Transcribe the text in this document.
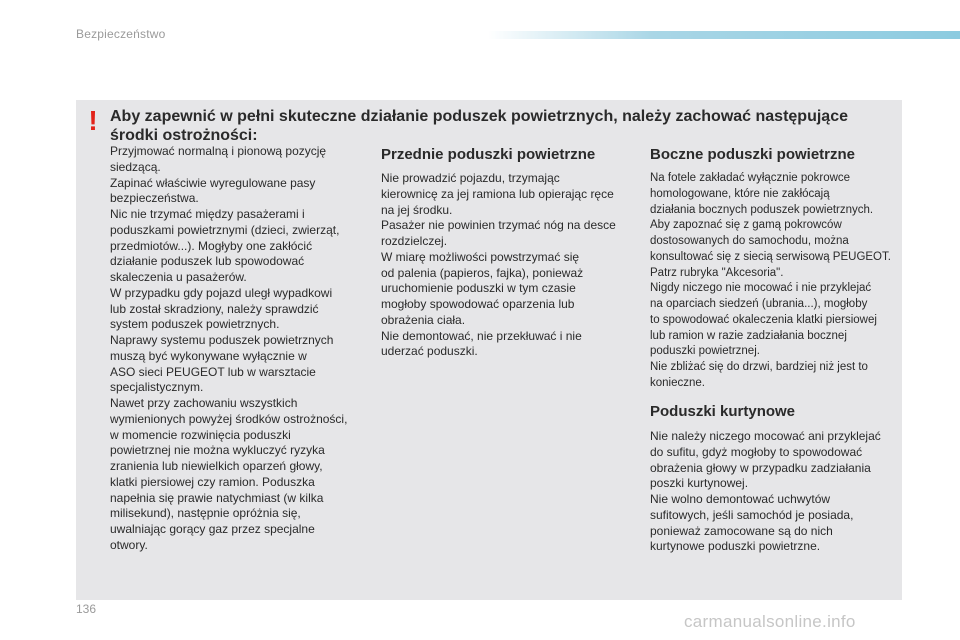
Bezpieczeństwo
! Aby zapewnić w pełni skuteczne działanie poduszek powietrznych, należy zachować następujące środki ostrożności:

Przyjmować normalną i pionową pozycję
siedzącą.
Zapinać właściwie wyregulowane pasy
bezpieczeństwa.
Nic nie trzymać między pasażerami i
poduszkami powietrznymi (dzieci, zwierząt,
przedmiotów...). Mogłyby one zakłócić
działanie poduszek lub spowodować
skaleczenia u pasażerów.
W przypadku gdy pojazd uległ wypadkowi
lub został skradziony, należy sprawdzić
system poduszek powietrznych.
Naprawy systemu poduszek powietrznych
muszą być wykonywane wyłącznie w
ASO sieci PEUGEOT lub w warsztacie
specjalistycznym.
Nawet przy zachowaniu wszystkich
wymienionych powyżej środków ostrożności,
w momencie rozwinięcia poduszki
powietrznej nie można wykluczyć ryzyka
zranienia lub niewielkich oparzeń głowy,
klatki piersiowej czy ramion. Poduszka
napełnia się prawie natychmiast (w kilka
milisekund), następnie opróżnia się,
uwalniając gorący gaz przez specjalne
otwory.

Przednie poduszki powietrzne

Nie prowadzić pojazdu, trzymając
kierownicę za jej ramiona lub opierając ręce
na jej środku.
Pasażer nie powinien trzymać nóg na desce
rozdzielczej.
W miarę możliwości powstrzymać się
od palenia (papieros, fajka), ponieważ
uruchomienie poduszki w tym czasie
mogłoby spowodować oparzenia lub
obrażenia ciała.
Nie demontować, nie przekłuwać i nie
uderzać poduszki.

Boczne poduszki powietrzne

Na fotele zakładać wyłącznie pokrowce
homologowane, które nie zakłócają
działania bocznych poduszek powietrznych.
Aby zapoznać się z gamą pokrowców
dostosowanych do samochodu, można
konsultować się z siecią serwisową PEUGEOT.
Patrz rubryka "Akcesoria".
Nigdy niczego nie mocować i nie przyklejać
na oparciach siedzeń (ubrania...), mogłoby
to spowodować okaleczenia klatki piersiowej
lub ramion w razie zadziałania bocznej
poduszki powietrznej.
Nie zbliżać się do drzwi, bardziej niż jest to
konieczne.

Poduszki kurtynowe

Nie należy niczego mocować ani przyklejać
do sufitu, gdyż mogłoby to spowodować
obrażenia głowy w przypadku zadziałania
poszki kurtynowej.
Nie wolno demontować uchwytów
sufitowych, jeśli samochód je posiada,
ponieważ zamocowane są do nich
kurtynowe poduszki powietrzne.

136
carmanualsonline.info
